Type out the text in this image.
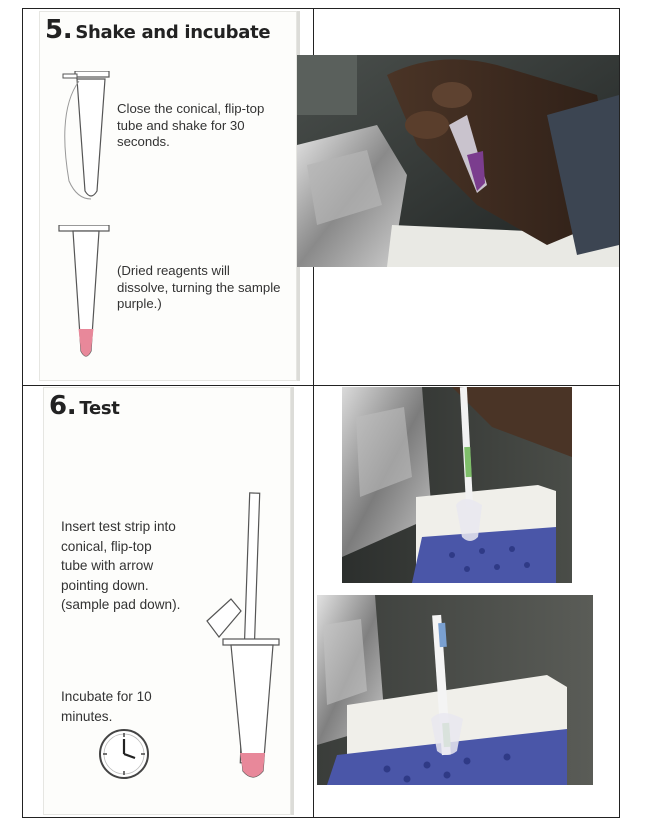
5. Shake and incubate
Close the conical, flip-top tube and shake for 30 seconds.
(Dried reagents will dissolve, turning the sample purple.)
6. Test
Insert test strip into conical, flip-top tube with arrow pointing down. (sample pad down).
Incubate for 10 minutes.
